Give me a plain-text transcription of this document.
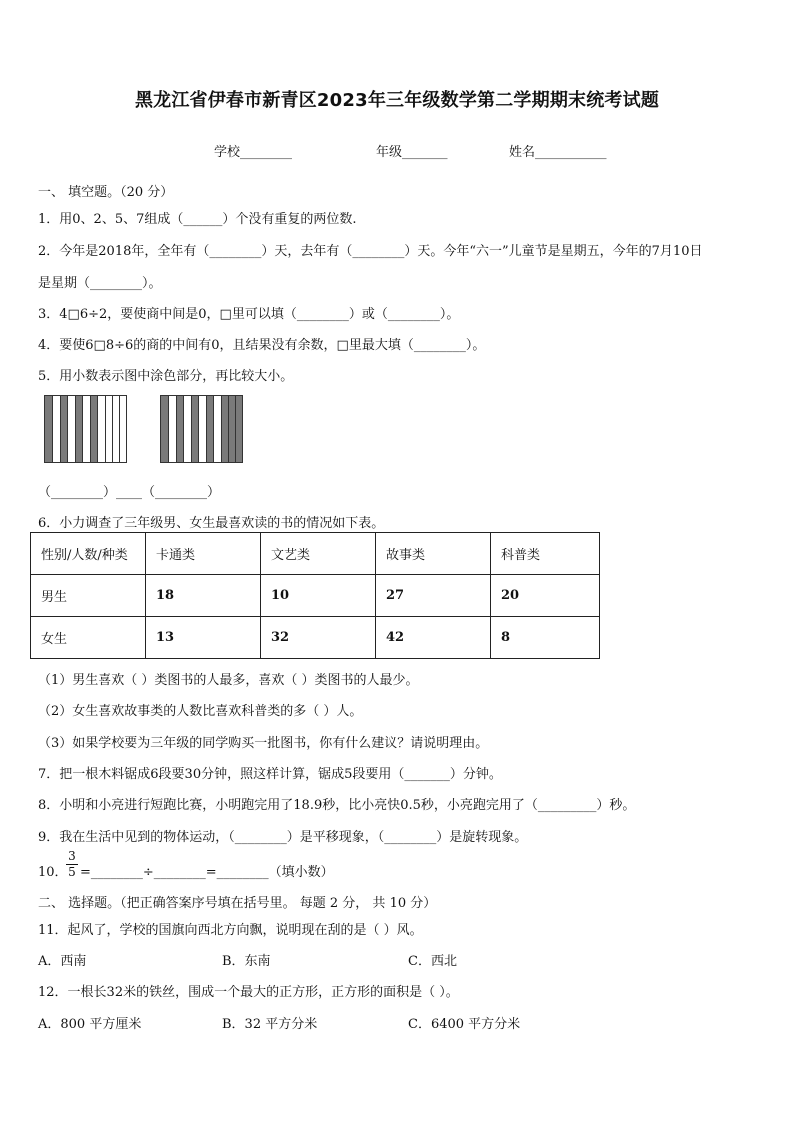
黑龙江省伊春市新青区2023年三年级数学第二学期期末统考试题
学校________	年级_______	姓名___________
一、 填空题。（20 分）
1．用0、2、5、7组成（______）个没有重复的两位数.
2．今年是2018年，全年有（________）天，去年有（________）天。今年“六一”儿童节是星期五，今年的7月10日
是星期（________）。
3．4□6÷2，要使商中间是0，□里可以填（________）或（________）。
4．要使6□8÷6的商的中间有0，且结果没有余数，□里最大填（________）。
5．用小数表示图中涂色部分，再比较大小。
（________）____（________）
6．小力调查了三年级男、女生最喜欢读的书的情况如下表。
性别/人数/种类	卡通类	文艺类	故事类	科普类
男生	18	10	27	20
女生	13	32	42	8
（1）男生喜欢（ ）类图书的人最多，喜欢（ ）类图书的人最少。
（2）女生喜欢故事类的人数比喜欢科普类的多（ ）人。
（3）如果学校要为三年级的同学购买一批图书，你有什么建议？请说明理由。
7．把一根木料锯成6段要30分钟，照这样计算，锯成5段要用（_______）分钟。
8．小明和小亮进行短跑比赛，小明跑完用了18.9秒，比小亮快0.5秒，小亮跑完用了（_________）秒。
9．我在生活中见到的物体运动，（________）是平移现象，（________）是旋转现象。
10．
3
5 =________÷________=________（填小数）
二、 选择题。（把正确答案序号填在括号里。 每题 2 分， 共 10 分）
11．起风了，学校的国旗向西北方向飘，说明现在刮的是（ ）风。
A．西南	B．东南	C．西北
12．一根长32米的铁丝，围成一个最大的正方形，正方形的面积是（ ）。
A．800 平方厘米	B．32 平方分米	C．6400 平方分米
